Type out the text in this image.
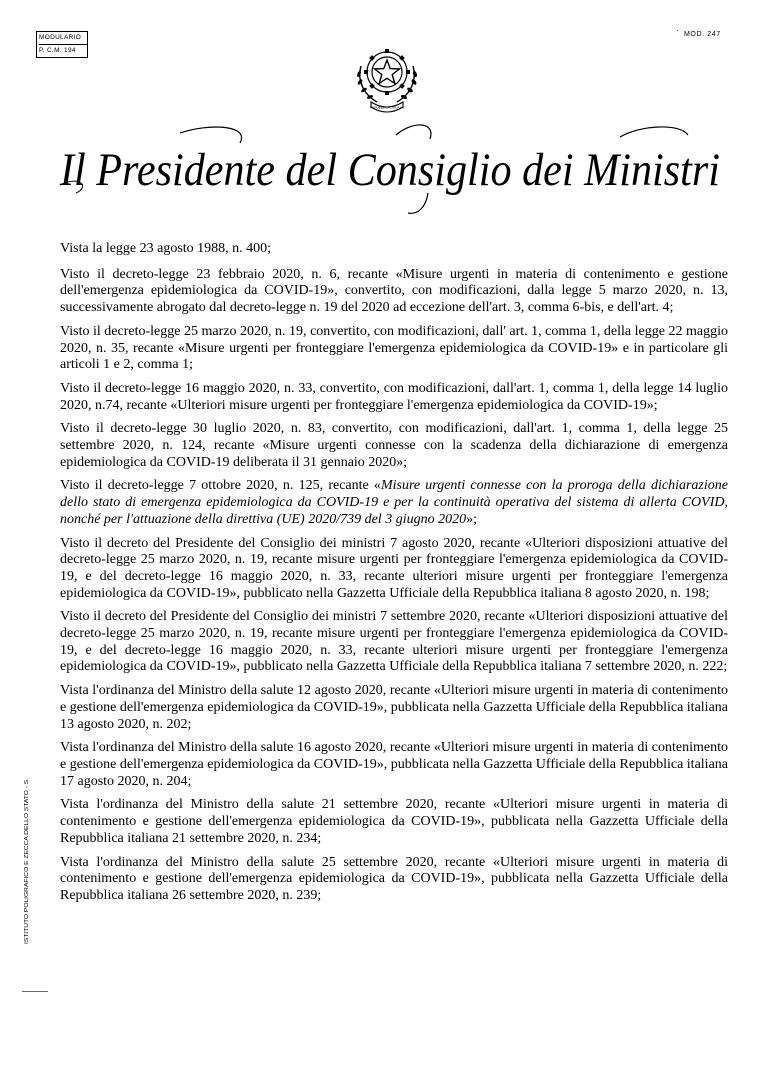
MODULARIO
P. C.M. 194
· MOD. 247
REPUBBLICA ITALIANA
Il Presidente del Consiglio dei Ministri

Vista la legge 23 agosto 1988, n. 400;

Visto il decreto-legge 23 febbraio 2020, n. 6, recante «Misure urgenti in materia di contenimento e gestione dell'emergenza epidemiologica da COVID-19», convertito, con modificazioni, dalla legge 5 marzo 2020, n. 13, successivamente abrogato dal decreto-legge n. 19 del 2020 ad eccezione dell'art. 3, comma 6-bis, e dell'art. 4;

Visto il decreto-legge 25 marzo 2020, n. 19, convertito, con modificazioni, dall' art. 1, comma 1, della legge 22 maggio 2020, n. 35, recante «Misure urgenti per fronteggiare l'emergenza epidemiologica da COVID-19» e in particolare gli articoli 1 e 2, comma 1;

Visto il decreto-legge 16 maggio 2020, n. 33, convertito, con modificazioni, dall'art. 1, comma 1, della legge 14 luglio 2020, n.74, recante «Ulteriori misure urgenti per fronteggiare l'emergenza epidemiologica da COVID-19»;

Visto il decreto-legge 30 luglio 2020, n. 83, convertito, con modificazioni, dall'art. 1, comma 1, della legge 25 settembre 2020, n. 124, recante «Misure urgenti connesse con la scadenza della dichiarazione di emergenza epidemiologica da COVID-19 deliberata il 31 gennaio 2020»;

Visto il decreto-legge 7 ottobre 2020, n. 125, recante «Misure urgenti connesse con la proroga della dichiarazione dello stato di emergenza epidemiologica da COVID-19 e per la continuità operativa del sistema di allerta COVID, nonché per l'attuazione della direttiva (UE) 2020/739 del 3 giugno 2020»;

Visto il decreto del Presidente del Consiglio dei ministri 7 agosto 2020, recante «Ulteriori disposizioni attuative del decreto-legge 25 marzo 2020, n. 19, recante misure urgenti per fronteggiare l'emergenza epidemiologica da COVID-19, e del decreto-legge 16 maggio 2020, n. 33, recante ulteriori misure urgenti per fronteggiare l'emergenza epidemiologica da COVID-19», pubblicato nella Gazzetta Ufficiale della Repubblica italiana 8 agosto 2020, n. 198;

Visto il decreto del Presidente del Consiglio dei ministri 7 settembre 2020, recante «Ulteriori disposizioni attuative del decreto-legge 25 marzo 2020, n. 19, recante misure urgenti per fronteggiare l'emergenza epidemiologica da COVID-19, e del decreto-legge 16 maggio 2020, n. 33, recante ulteriori misure urgenti per fronteggiare l'emergenza epidemiologica da COVID-19», pubblicato nella Gazzetta Ufficiale della Repubblica italiana 7 settembre 2020, n. 222;

Vista l'ordinanza del Ministro della salute 12 agosto 2020, recante «Ulteriori misure urgenti in materia di contenimento e gestione dell'emergenza epidemiologica da COVID-19», pubblicata nella Gazzetta Ufficiale della Repubblica italiana 13 agosto 2020, n. 202;

Vista l'ordinanza del Ministro della salute 16 agosto 2020, recante «Ulteriori misure urgenti in materia di contenimento e gestione dell'emergenza epidemiologica da COVID-19», pubblicata nella Gazzetta Ufficiale della Repubblica italiana 17 agosto 2020, n. 204;

Vista l'ordinanza del Ministro della salute 21 settembre 2020, recante «Ulteriori misure urgenti in materia di contenimento e gestione dell'emergenza epidemiologica da COVID-19», pubblicata nella Gazzetta Ufficiale della Repubblica italiana 21 settembre 2020, n. 234;

Vista l'ordinanza del Ministro della salute 25 settembre 2020, recante «Ulteriori misure urgenti in materia di contenimento e gestione dell'emergenza epidemiologica da COVID-19», pubblicata nella Gazzetta Ufficiale della Repubblica italiana 26 settembre 2020, n. 239;

ISTITUTO POLIGRAFICO E ZECCA DELLO STATO - S.
